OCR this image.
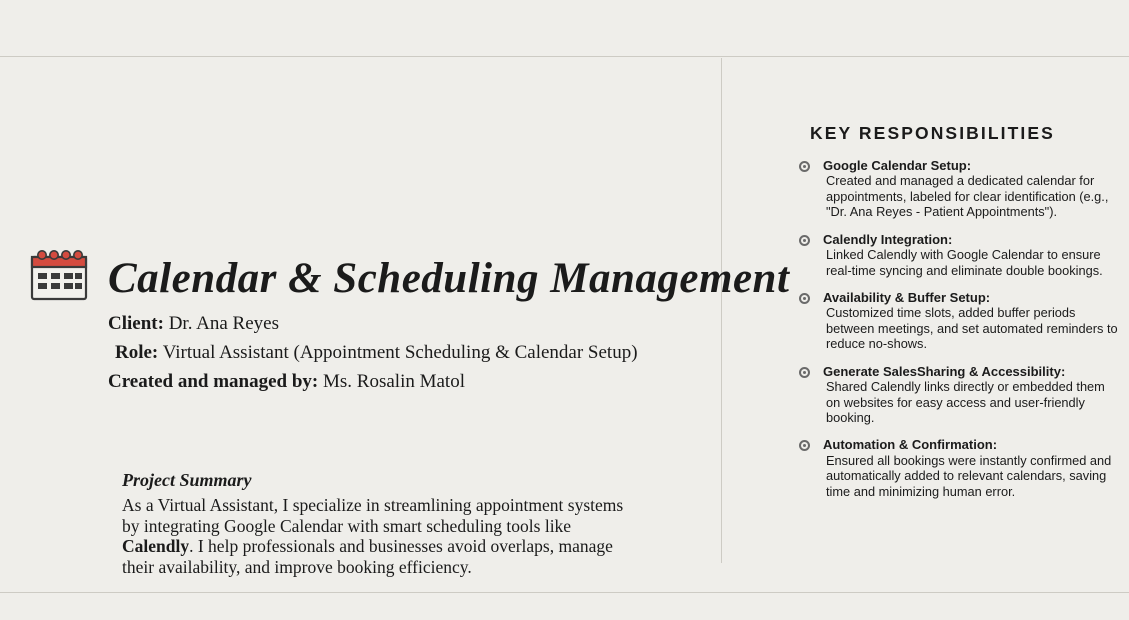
Calendar & Scheduling Management
Client: Dr. Ana Reyes
Role: Virtual Assistant (Appointment Scheduling & Calendar Setup)
Created and managed by: Ms. Rosalin Matol
Project Summary
As a Virtual Assistant, I specialize in streamlining appointment systems by integrating Google Calendar with smart scheduling tools like Calendly. I help professionals and businesses avoid overlaps, manage their availability, and improve booking efficiency.
KEY RESPONSIBILITIES
Google Calendar Setup:
Created and managed a dedicated calendar for appointments, labeled for clear identification (e.g., "Dr. Ana Reyes - Patient Appointments").
Calendly Integration:
Linked Calendly with Google Calendar to ensure real-time syncing and eliminate double bookings.
Availability & Buffer Setup:
Customized time slots, added buffer periods between meetings, and set automated reminders to reduce no-shows.
Generate SalesSharing & Accessibility:
Shared Calendly links directly or embedded them on websites for easy access and user-friendly booking.
Automation & Confirmation:
Ensured all bookings were instantly confirmed and automatically added to relevant calendars, saving time and minimizing human error.
